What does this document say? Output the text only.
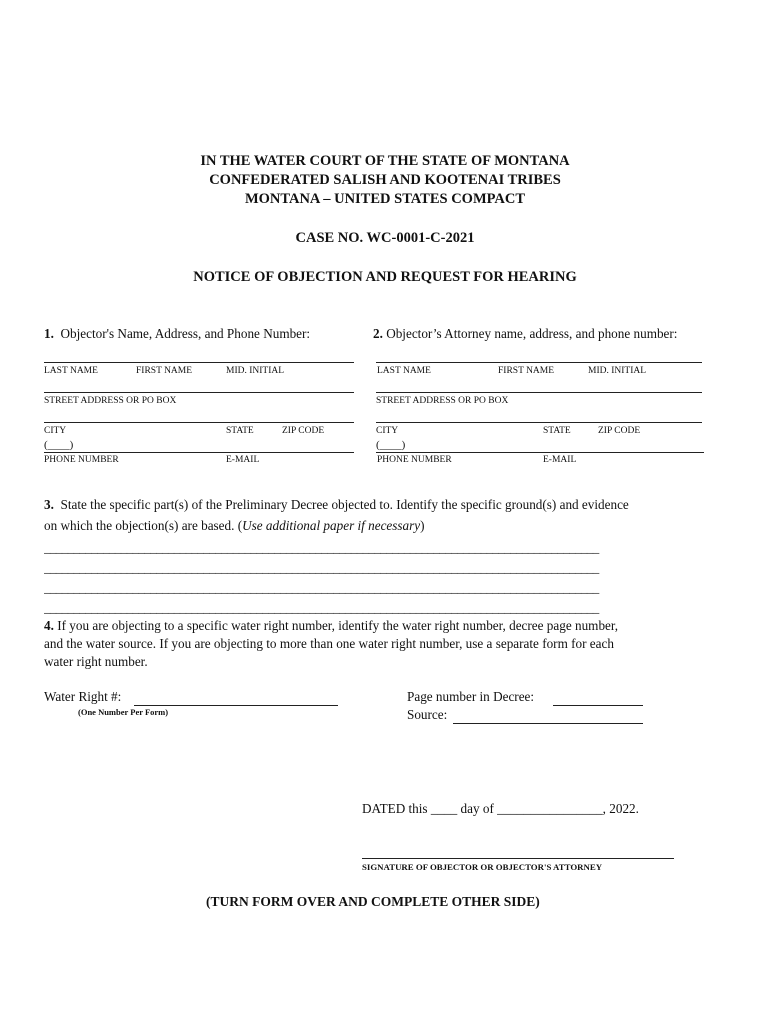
IN THE WATER COURT OF THE STATE OF MONTANA
CONFEDERATED SALISH AND KOOTENAI TRIBES
MONTANA – UNITED STATES COMPACT
CASE NO. WC-0001-C-2021
NOTICE OF OBJECTION AND REQUEST FOR HEARING
1. Objector's Name, Address, and Phone Number:
LAST NAME	FIRST NAME	MID. INITIAL
STREET ADDRESS OR PO BOX
CITY	STATE	ZIP CODE
(____)
PHONE NUMBER	E-MAIL
2. Objector’s Attorney name, address, and phone number:
LAST NAME	FIRST NAME	MID. INITIAL
STREET ADDRESS OR PO BOX
CITY	STATE	ZIP CODE
(____)
PHONE NUMBER	E-MAIL
3. State the specific part(s) of the Preliminary Decree objected to. Identify the specific ground(s) and evidence
on which the objection(s) are based. (Use additional paper if necessary)
______________________________________________________________________________________________
______________________________________________________________________________________________
______________________________________________________________________________________________
______________________________________________________________________________________________
4. If you are objecting to a specific water right number, identify the water right number, decree page number,
and the water source. If you are objecting to more than one water right number, use a separate form for each
water right number.
Water Right #:
(One Number Per Form)
Page number in Decree:
Source:
DATED this ____ day of ________________, 2022.
SIGNATURE OF OBJECTOR OR OBJECTOR'S ATTORNEY
(TURN FORM OVER AND COMPLETE OTHER SIDE)
